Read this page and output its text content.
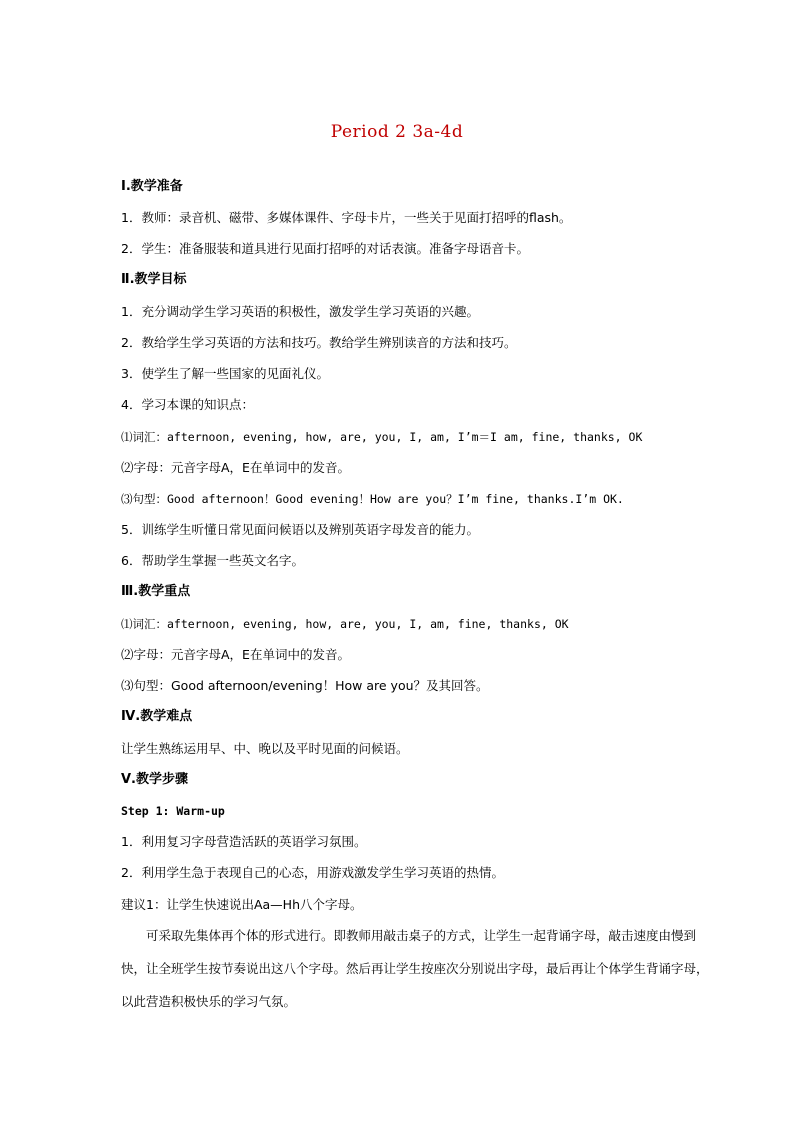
Period 2 3a-4d
Ⅰ.教学准备
1．教师：录音机、磁带、多媒体课件、字母卡片，一些关于见面打招呼的flash。
2．学生：准备服装和道具进行见面打招呼的对话表演。准备字母语音卡。
Ⅱ.教学目标
1．充分调动学生学习英语的积极性，激发学生学习英语的兴趣。
2．教给学生学习英语的方法和技巧。教给学生辨别读音的方法和技巧。
3．使学生了解一些国家的见面礼仪。
4．学习本课的知识点：
⑴词汇：afternoon, evening, how, are, you, I, am, I’m＝I am, fine, thanks, OK
⑵字母：元音字母A，E在单词中的发音。
⑶句型：Good afternoon！Good evening！How are you？I’m fine, thanks.I’m OK.
5．训练学生听懂日常见面问候语以及辨别英语字母发音的能力。
6．帮助学生掌握一些英文名字。
Ⅲ.教学重点
⑴词汇：afternoon, evening, how, are, you, I, am, fine, thanks, OK
⑵字母：元音字母A，E在单词中的发音。
⑶句型：Good afternoon/evening！How are you？及其回答。
Ⅳ.教学难点
让学生熟练运用早、中、晚以及平时见面的问候语。
Ⅴ.教学步骤
Step 1: Warm-up
1．利用复习字母营造活跃的英语学习氛围。
2．利用学生急于表现自己的心态，用游戏激发学生学习英语的热情。
建议1：让学生快速说出Aa—Hh八个字母。
可采取先集体再个体的形式进行。即教师用敲击桌子的方式，让学生一起背诵字母，敲击速度由慢到快，让全班学生按节奏说出这八个字母。然后再让学生按座次分别说出字母，最后再让个体学生背诵字母，以此营造积极快乐的学习气氛。
